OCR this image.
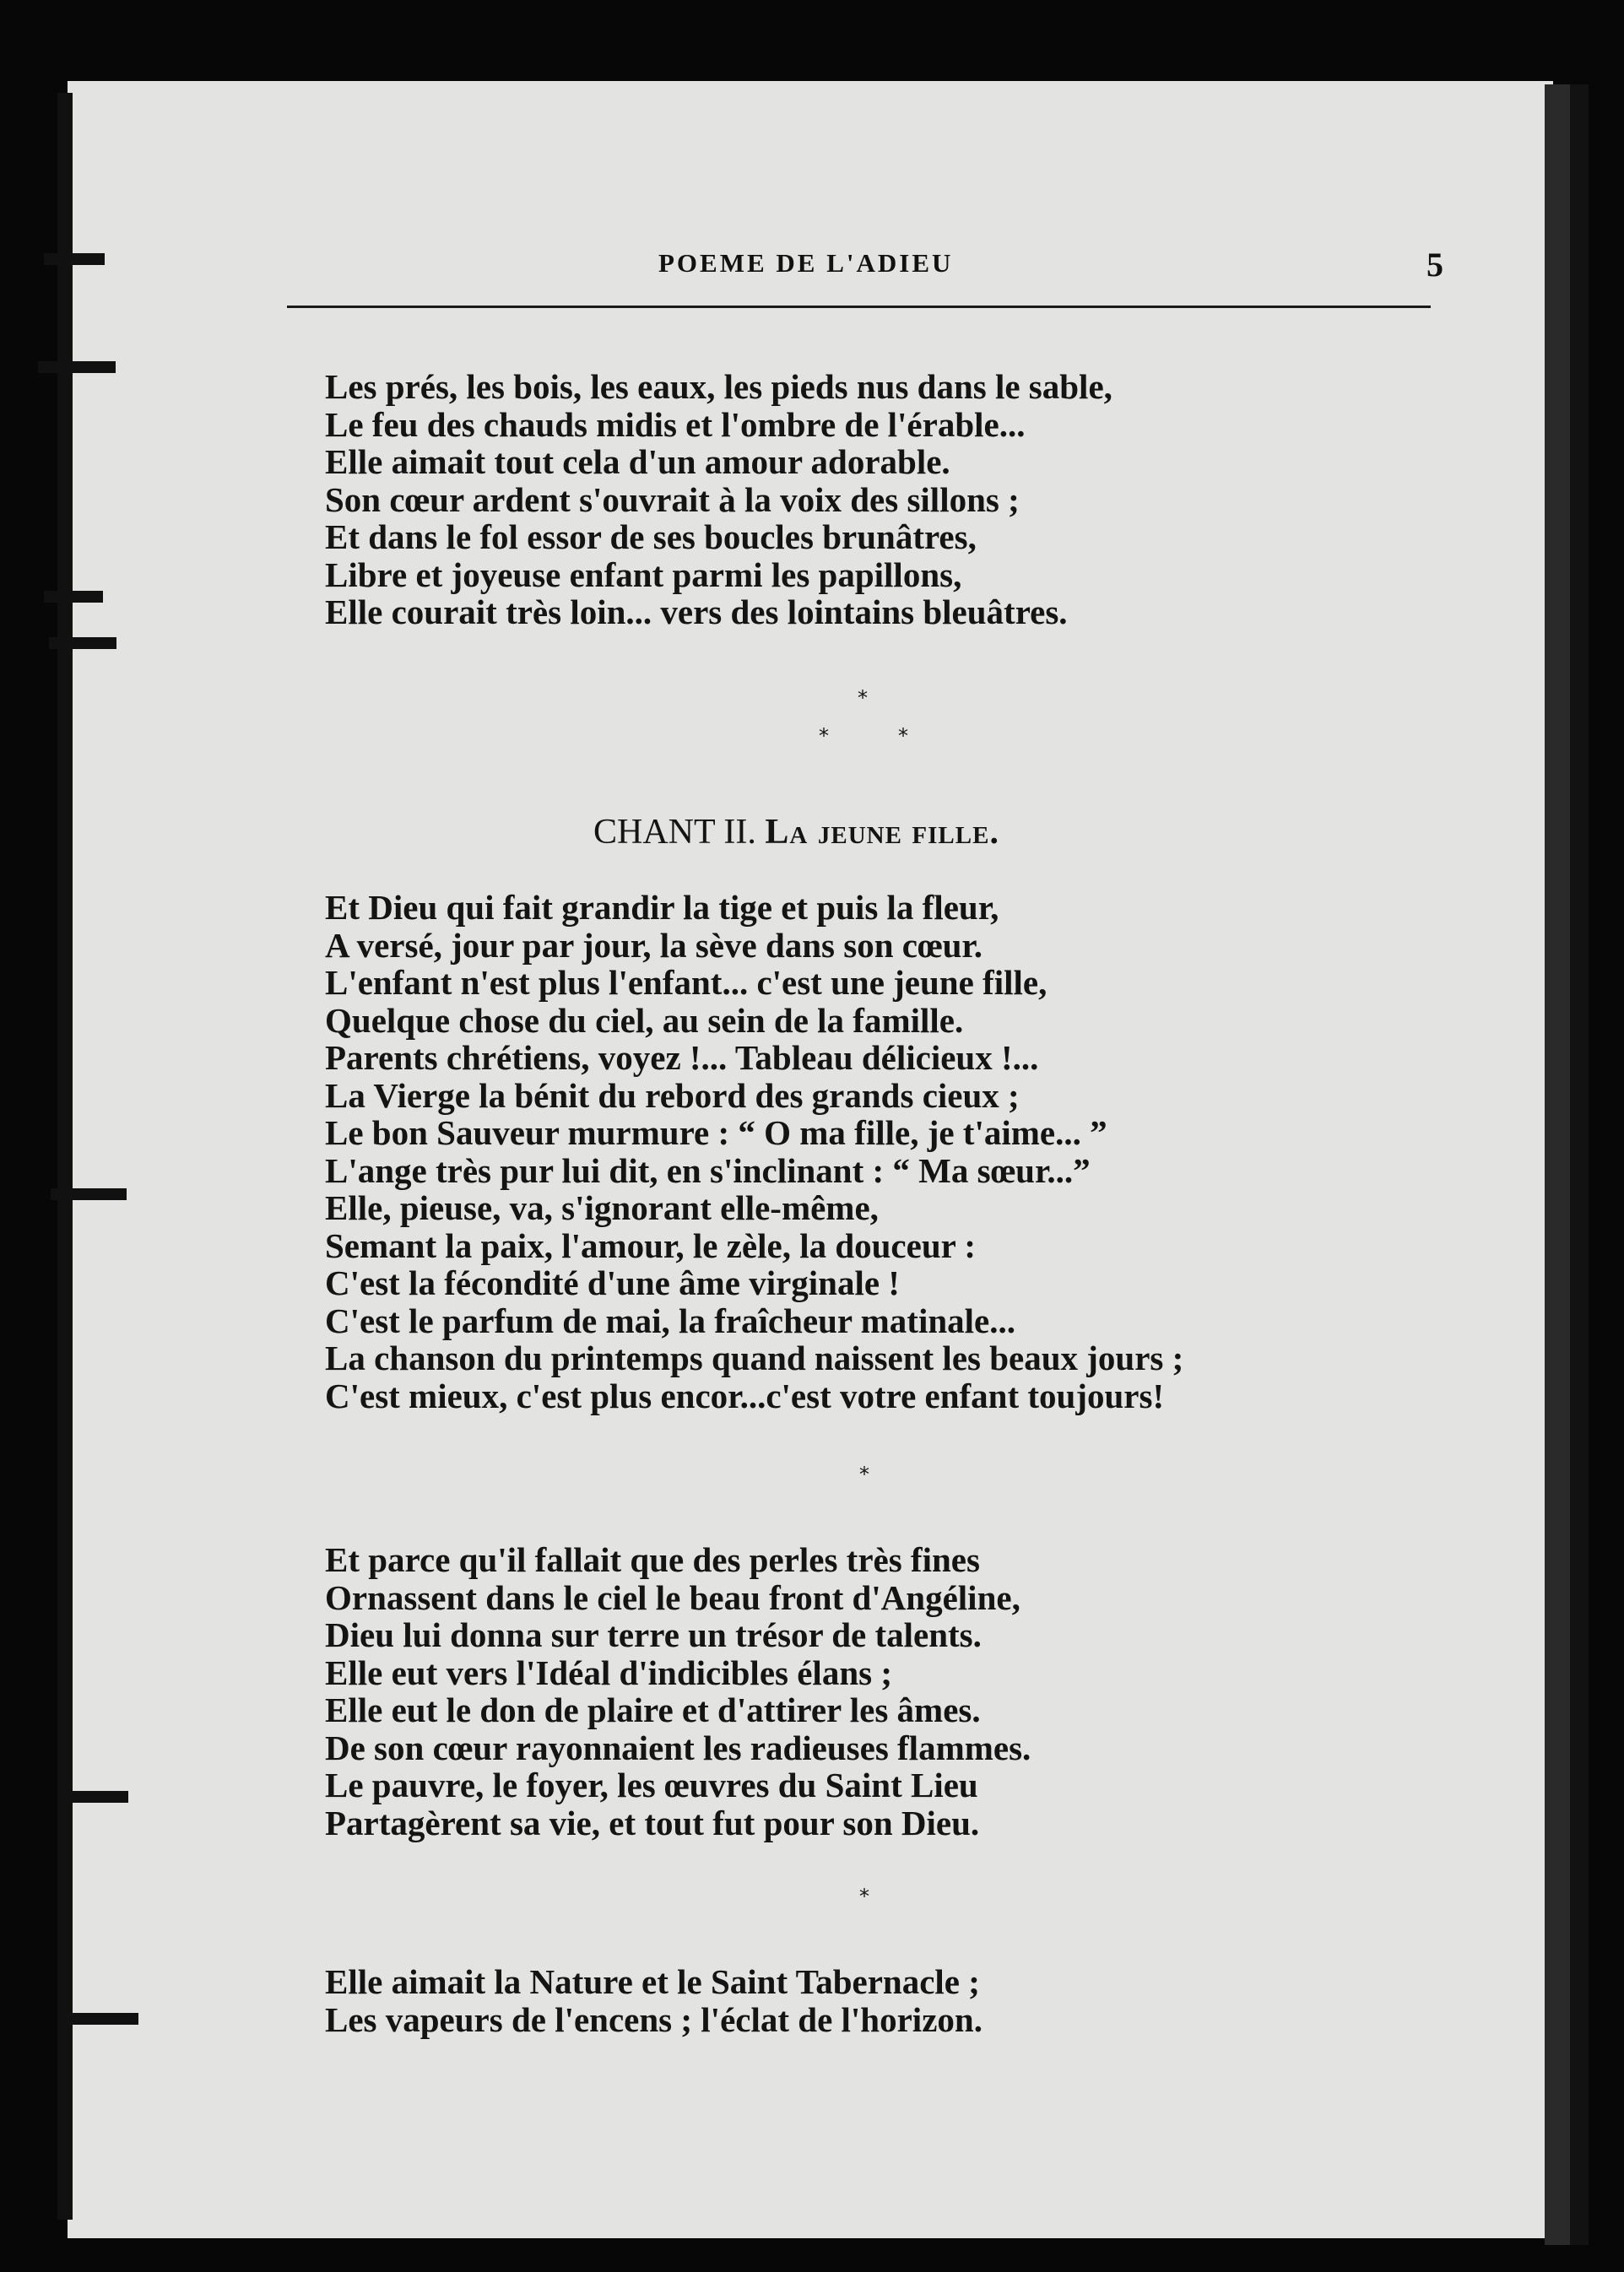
POEME DE L'ADIEU	5
Les prés, les bois, les eaux, les pieds nus dans le sable,
Le feu des chauds midis et l'ombre de l'érable...
Elle aimait tout cela d'un amour adorable.
Son cœur ardent s'ouvrait à la voix des sillons ;
Et dans le fol essor de ses boucles brunâtres,
Libre et joyeuse enfant parmi les papillons,
Elle courait très loin... vers des lointains bleuâtres.
*
*	*
CHANT II. La jeune fille.
Et Dieu qui fait grandir la tige et puis la fleur,
A versé, jour par jour, la sève dans son cœur.
L'enfant n'est plus l'enfant... c'est une jeune fille,
Quelque chose du ciel, au sein de la famille.
Parents chrétiens, voyez !... Tableau délicieux !...
La Vierge la bénit du rebord des grands cieux ;
Le bon Sauveur murmure : “ O ma fille, je t'aime... ”
L'ange très pur lui dit, en s'inclinant : “ Ma sœur...”
Elle, pieuse, va, s'ignorant elle-même,
Semant la paix, l'amour, le zèle, la douceur :
C'est la fécondité d'une âme virginale !
C'est le parfum de mai, la fraîcheur matinale...
La chanson du printemps quand naissent les beaux jours ;
C'est mieux, c'est plus encor...c'est votre enfant toujours!
*
Et parce qu'il fallait que des perles très fines
Ornassent dans le ciel le beau front d'Angéline,
Dieu lui donna sur terre un trésor de talents.
Elle eut vers l'Idéal d'indicibles élans ;
Elle eut le don de plaire et d'attirer les âmes.
De son cœur rayonnaient les radieuses flammes.
Le pauvre, le foyer, les œuvres du Saint Lieu
Partagèrent sa vie, et tout fut pour son Dieu.
*
Elle aimait la Nature et le Saint Tabernacle ;
Les vapeurs de l'encens ; l'éclat de l'horizon.
